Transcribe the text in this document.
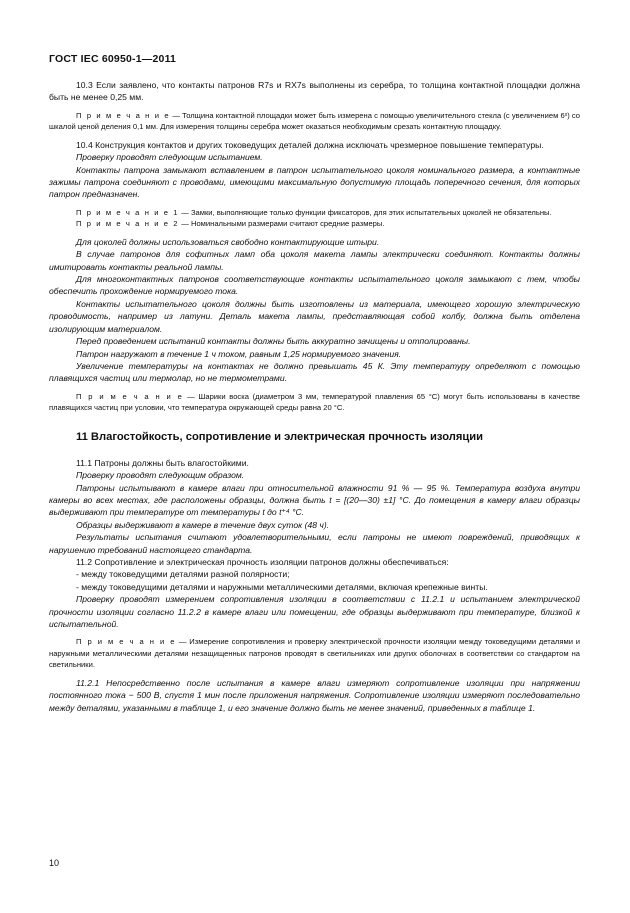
ГОСТ IEC 60950-1—2011

10.3 Если заявлено, что контакты патронов R7s и RX7s выполнены из серебра, то толщина контактной площадки должна быть не менее 0,25 мм.

П р и м е ч а н и е — Толщина контактной площадки может быть измерена с помощью увеличительного стекла (с увеличением 6ˣ) со шкалой ценой деления 0,1 мм. Для измерения толщины серебра может оказаться необходимым срезать контактную площадку.

10.4 Конструкция контактов и других токоведущих деталей должна исключать чрезмерное повышение температуры.

Проверку проводят следующим испытанием.

Контакты патрона замыкают вставлением в патрон испытательного цоколя номинального размера, а контактные зажимы патрона соединяют с проводами, имеющими максимальную допустимую площадь поперечного сечения, для которых патрон предназначен.

П р и м е ч а н и е 1 — Замки, выполняющие только функции фиксаторов, для этих испытательных цоколей не обязательны.

П р и м е ч а н и е 2 — Номинальными размерами считают средние размеры.

Для цоколей должны использоваться свободно контактирующие штыри.

В случае патронов для софитных ламп оба цоколя макета лампы электрически соединяют. Контакты должны имитировать контакты реальной лампы.

Для многоконтактных патронов соответствующие контакты испытательного цоколя замыкают с тем, чтобы обеспечить прохождение нормируемого тока.

Контакты испытательного цоколя должны быть изготовлены из материала, имеющего хорошую электрическую проводимость, например из латуни. Деталь макета лампы, представляющая собой колбу, должна быть отделена изолирующим материалом.

Перед проведением испытаний контакты должны быть аккуратно зачищены и отполированы.

Патрон нагружают в течение 1 ч током, равным 1,25 нормируемого значения.

Увеличение температуры на контактах не должно превышать 45 К. Эту температуру определяют с помощью плавящихся частиц или термолар, но не термометрами.

П р и м е ч а н и е — Шарики воска (диаметром 3 мм, температурой плавления 65 °С) могут быть использованы в качестве плавящихся частиц при условии, что температура окружающей среды равна 20 °С.

11 Влагостойкость, сопротивление и электрическая прочность изоляции

11.1 Патроны должны быть влагостойкими.

Проверку проводят следующим образом.

Патроны испытывают в камере влаги при относительной влажности 91 % — 95 %. Температура воздуха внутри камеры во всех местах, где расположены образцы, должна быть t = [(20—30) ±1] °С. До помещения в камеру влаги образцы выдерживают при температуре от температуры t до t⁺⁴ °С.

Образцы выдерживают в камере в течение двух суток (48 ч).

Результаты испытания считают удовлетворительными, если патроны не имеют повреждений, приводящих к нарушению требований настоящего стандарта.

11.2 Сопротивление и электрическая прочность изоляции патронов должны обеспечиваться:

- между токоведущими деталями разной полярности;

- между токоведущими деталями и наружными металлическими деталями, включая крепежные винты.

Проверку проводят измерением сопротивления изоляции в соответствии с 11.2.1 и испытанием электрической прочности изоляции согласно 11.2.2 в камере влаги или помещении, где образцы выдерживают при температуре, близкой к испытательной.

П р и м е ч а н и е — Измерение сопротивления и проверку электрической прочности изоляции между токоведущими деталями и наружными металлическими деталями незащищенных патронов проводят в светильниках или других оболочках в соответствии со стандартом на светильники.

11.2.1 Непосредственно после испытания в камере влаги измеряют сопротивление изоляции при напряжении постоянного тока − 500 В, спустя 1 мин после приложения напряжения. Сопротивление изоляции измеряют последовательно между деталями, указанными в таблице 1, и его значение должно быть не менее значений, приведенных в таблице 1.

10
